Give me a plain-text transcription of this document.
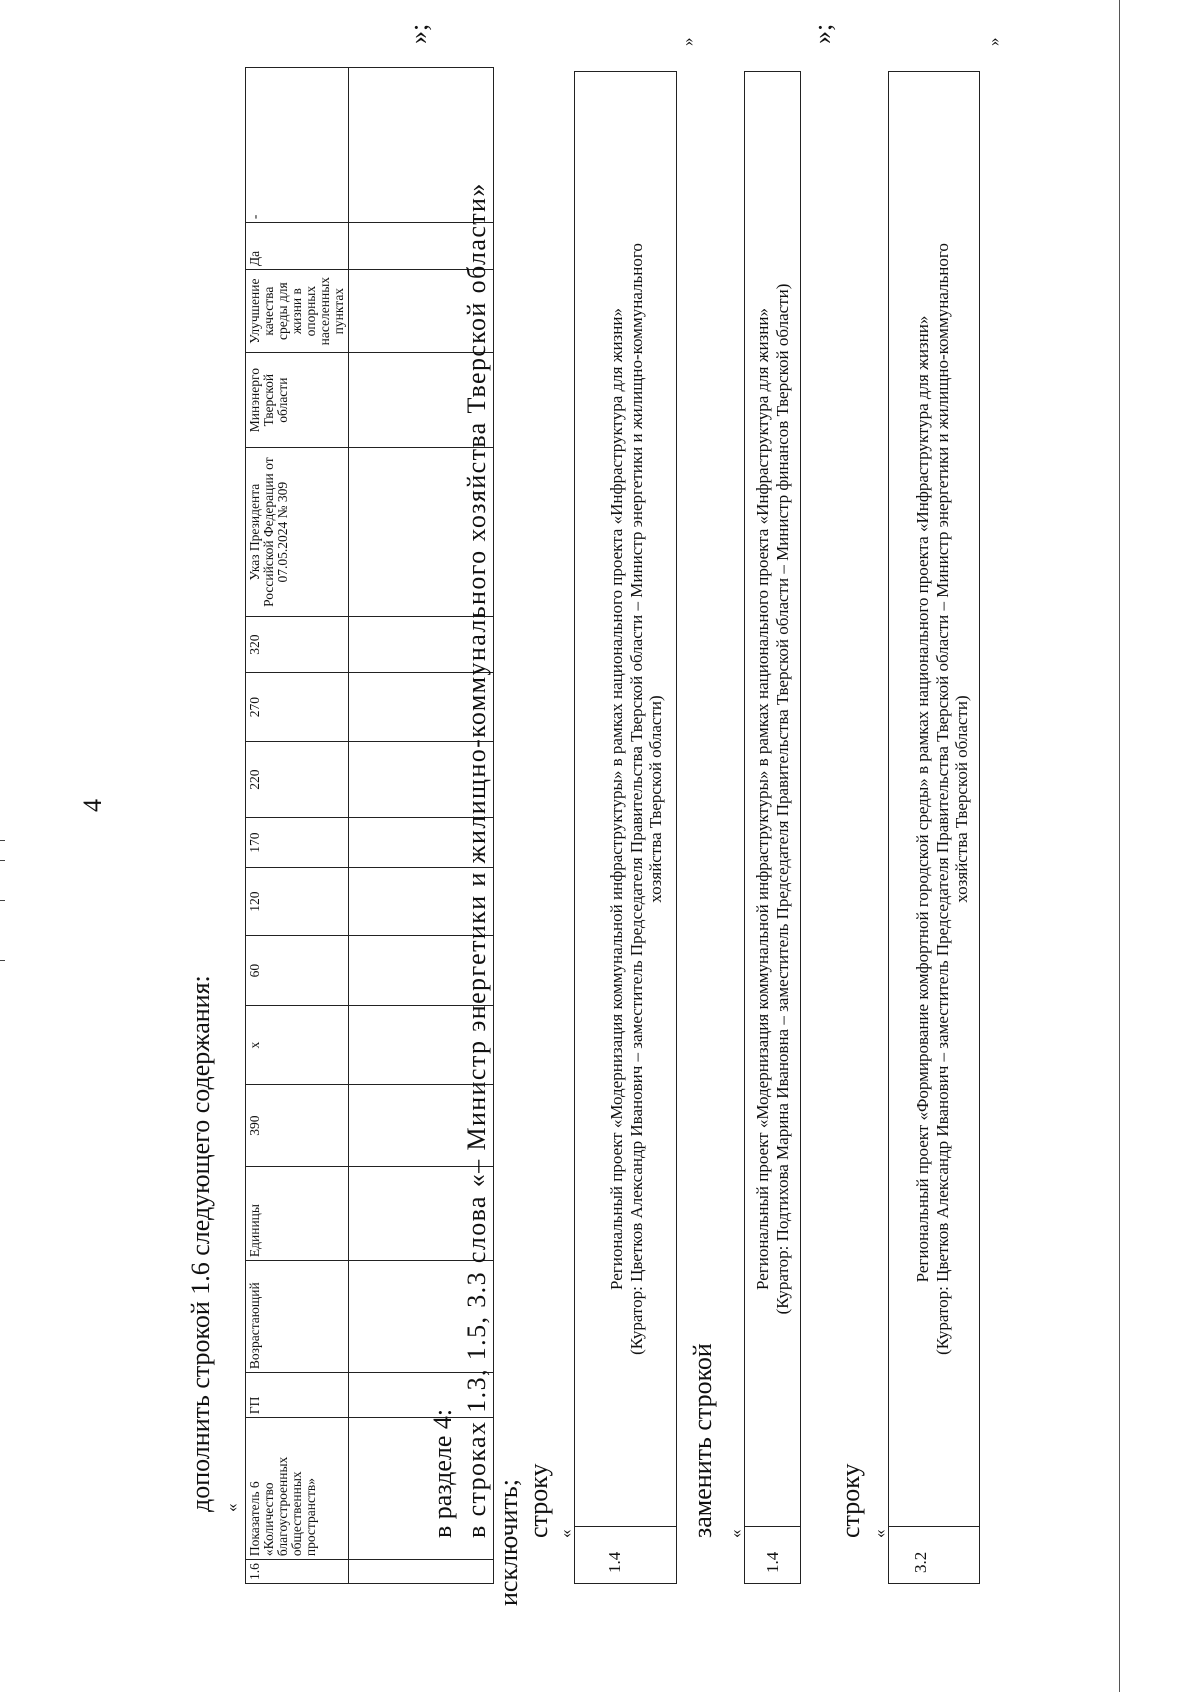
4
дополнить строкой 1.6 следующего содержания: «
1.6	Показатель 6 «Количество благоустроенных общественных пространств»	ГП	Возрастающий	Единицы	390	x	60	120	170	220	270	320	Указ Президента Российской Федерации от 07.05.2024 № 309	Минэнерго Тверской области	Улучшение качества среды для жизни в опорных населенных пунктах	Да	-

»;
в разделе 4: в строках 1.3, 1.5, 3.3 слова «– Министр энергетики и жилищно-коммунального хозяйства Тверской области»
исключить; строку «
1.4
Региональный проект «Модернизация коммунальной инфраструктуры» в рамках национального проекта «Инфраструктура для жизни» (Куратор: Цветков Александр Иванович – заместитель Председателя Правительства Тверской области – Министр энергетики и жилищно-коммунального хозяйства Тверской области)
»
заменить строкой «
1.4
Региональный проект «Модернизация коммунальной инфраструктуры» в рамках национального проекта «Инфраструктура для жизни» (Куратор: Подтихова Марина Ивановна – заместитель Председателя Правительства Тверской области – Министр финансов Тверской области)
»;
строку «
3.2
Региональный проект «Формирование комфортной городской среды» в рамках национального проекта «Инфраструктура для жизни» (Куратор: Цветков Александр Иванович – заместитель Председателя Правительства Тверской области – Министр энергетики и жилищно-коммунального хозяйства Тверской области)
»
